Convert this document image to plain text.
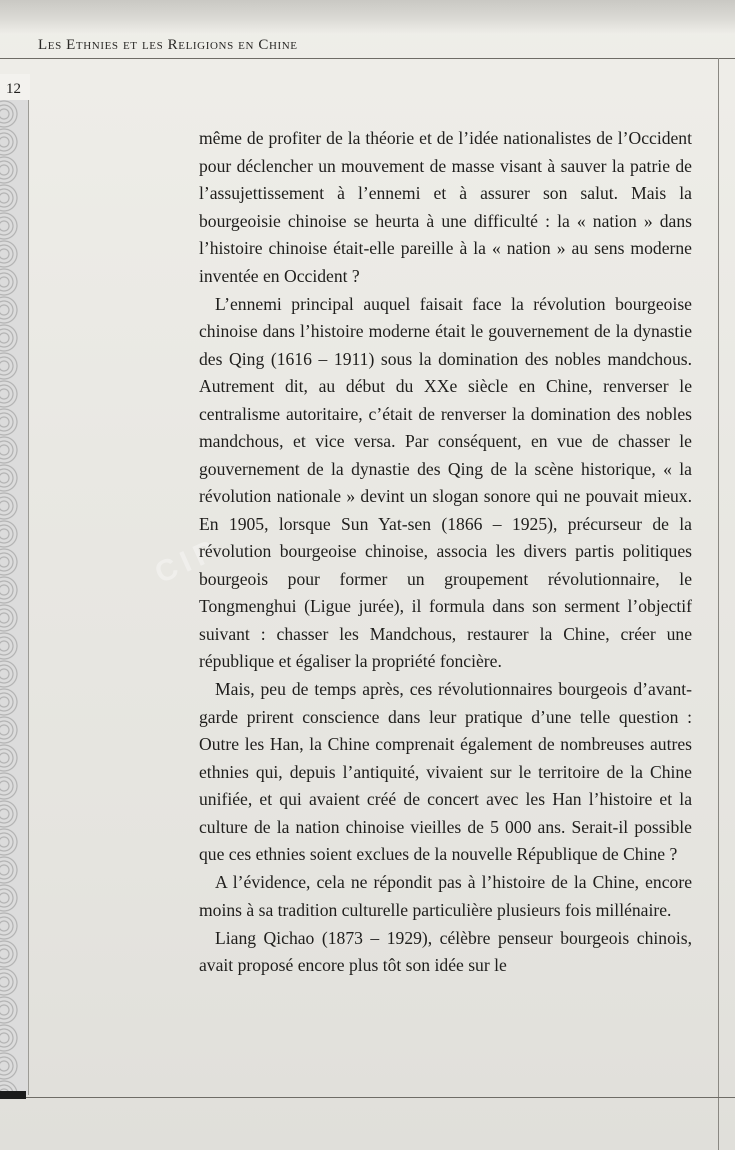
Les Ethnies et les Religions en Chine
12
CIP

même de profiter de la théorie et de l’idée nationalistes de l’Occident pour déclencher un mouvement de masse visant à sauver la patrie de l’assujettissement à l’ennemi et à assurer son salut. Mais la bourgeoisie chinoise se heurta à une difficulté : la « nation » dans l’histoire chinoise était-elle pareille à la « nation » au sens moderne inventée en Occident ?

L’ennemi principal auquel faisait face la révolution bourgeoise chinoise dans l’histoire moderne était le gouvernement de la dynastie des Qing (1616 – 1911) sous la domination des nobles mandchous. Autrement dit, au début du XXe siècle en Chine, renverser le centralisme autoritaire, c’était de renverser la domination des nobles mandchous, et vice versa. Par conséquent, en vue de chasser le gouvernement de la dynastie des Qing de la scène historique, « la révolution nationale » devint un slogan sonore qui ne pouvait mieux. En 1905, lorsque Sun Yat-sen (1866 – 1925), précurseur de la révolution bourgeoise chinoise, associa les divers partis politiques bourgeois pour former un groupement révolutionnaire, le Tongmenghui (Ligue jurée), il formula dans son serment l’objectif suivant : chasser les Mandchous, restaurer la Chine, créer une république et égaliser la propriété foncière.

Mais, peu de temps après, ces révolutionnaires bourgeois d’avant-garde prirent conscience dans leur pratique d’une telle question : Outre les Han, la Chine comprenait également de nombreuses autres ethnies qui, depuis l’antiquité, vivaient sur le territoire de la Chine unifiée, et qui avaient créé de concert avec les Han l’histoire et la culture de la nation chinoise vieilles de 5 000 ans. Serait-il possible que ces ethnies soient exclues de la nouvelle République de Chine ?

A l’évidence, cela ne répondit pas à l’histoire de la Chine, encore moins à sa tradition culturelle particulière plusieurs fois millénaire.

Liang Qichao (1873 – 1929), célèbre penseur bourgeois chinois, avait proposé encore plus tôt son idée sur le
